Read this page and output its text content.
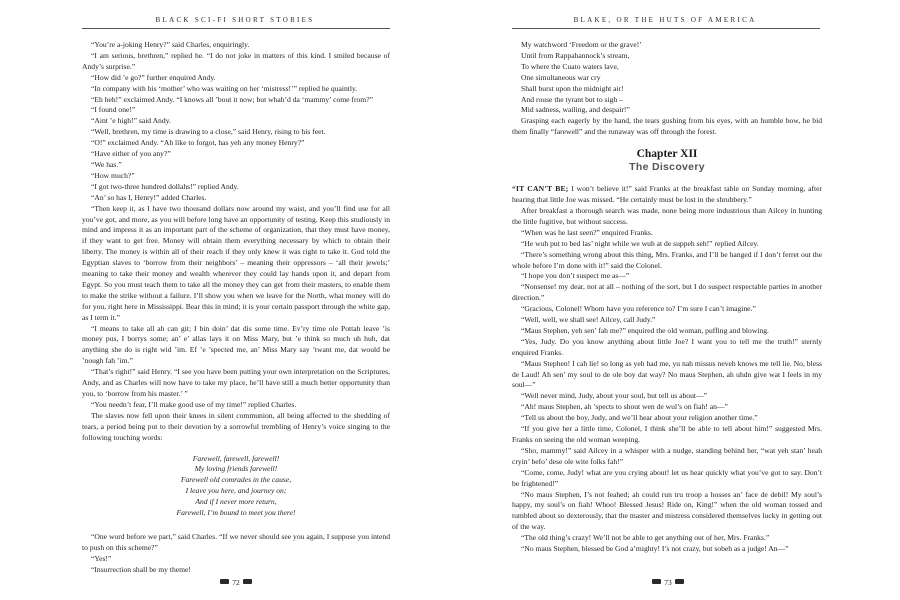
BLACK SCI-FI SHORT STORIES

“You’re a-joking Henry?” said Charles, enquiringly.

“I am serious, brethren,” replied he. “I do not joke in matters of this kind. I smiled because of Andy’s surprise.”

“How did ’e go?” further enquired Andy.

“In company with his ‘mother’ who was waiting on her ‘mistress!’” replied he quaintly.

“Eh heh!” exclaimed Andy. “I knows all ’bout it now; but whah’d da ‘mammy’ come from?”

“I found one!”

“Aint ’e high!” said Andy.

“Well, brethren, my time is drawing to a close,” said Henry, rising to his feet.

“O!” exclaimed Andy. “Ah like to forgot, has yeh any money Henry?”

“Have either of you any?”

“We has.”

“How much?”

“I got two-three hundred dollahs!” replied Andy.

“An’ so has I, Henry!” added Charles.

“Then keep it, as I have two thousand dollars now around my waist, and you’ll find use for all you’ve got, and more, as you will before long have an opportunity of testing. Keep this studiously in mind and impress it as an important part of the scheme of organization, that they must have money, if they want to get free. Money will obtain them everything necessary by which to obtain their liberty. The money is within all of their reach if they only knew it was right to take it. God told the Egyptian slaves to ‘borrow from their neighbors’ – meaning their oppressors – ‘all their jewels;’ meaning to take their money and wealth wherever they could lay hands upon it, and depart from Egypt. So you must teach them to take all the money they can get from their masters, to enable them to make the strike without a failure. I’ll show you when we leave for the North, what money will do for you, right here in Mississippi. Bear this in mind; it is your certain passport through the white gap, as I term it.”

“I means to take all ah can git; I bin doin’ dat dis some time. Ev’ry time ole Pottah leave ’is money pus, I borrys some; an’ e’ allas lays it on Miss Mary, but ’e think so much uh huh, dat anything she do is right wid ’im. Ef ’e ’spected me, an’ Miss Mary say ’twant me, dat would be ’nough fah ’im.”

“That’s right!” said Henry. “I see you have been putting your own interpretation on the Scriptures, Andy, and as Charles will now have to take my place, he’ll have still a much better opportunity than you, to ‘borrow from his master.’ ”

“You needn’t fear, I’ll make good use of my time!” replied Charles.

The slaves now fell upon their knees in silent communion, all being affected to the shedding of tears, a period being put to their devotion by a sorrowful trembling of Henry’s voice singing to the following touching words:

Farewell, farewell, farewell!
My loving friends farewell!
Farewell old comrades in the cause,
I leave you here, and journey on;
And if I never more return,
Farewell, I’m bound to meet you there!

“One word before we part,” said Charles. “If we never should see you again, I suppose you intend to push on this scheme?”

“Yes!”

“Insurrection shall be my theme!

72
BLAKE, OR THE HUTS OF AMERICA
My watchword ‘Freedom or the grave!’
Until from Rappahannock’s stream,
To where the Cuato waters lave,
One simultaneous war cry
Shall burst upon the midnight air!
And rouse the tyrant but to sigh –
Mid sadness, wailing, and despair!”

Grasping each eagerly by the hand, the tears gushing from his eyes, with an humble bow, he bid them finally “farewell” and the runaway was off through the forest.

Chapter XII
The Discovery

“IT CAN’T BE; I won’t believe it!” said Franks at the breakfast table on Sunday morning, after hearing that little Joe was missed. “He certainly must be lost in the shrubbery.”

After breakfast a thorough search was made, none being more industrious than Ailcey in hunting the little fugitive, but without success.

“When was he last seen?” enquired Franks.

“He wuh put to bed las’ night while we wuh at de suppeh seh!” replied Ailcey.

“There’s something wrong about this thing, Mrs. Franks, and I’ll be hanged if I don’t ferret out the whole before I’m done with it!” said the Colonel.

“I hope you don’t suspect me as—”

“Nonsense! my dear, not at all – nothing of the sort, but I do suspect respectable parties in another direction.”

“Gracious, Colonel! Whom have you reference to? I’m sure I can’t imagine.”

“Well, well, we shall see! Ailcey, call Judy.”

“Maus Stephen, yeh sen’ fah me?” enquired the old woman, puffing and blowing.

“Yes, Judy. Do you know anything about little Joe? I want you to tell me the truth!” sternly enquired Franks.

“Maus Stephen! I cah lie! so long as yeh had me, yu nah missus neveh knows me tell lie. No, bless de Laud! Ah sen’ my soul to de ole boy dat way? No maus Stephen, ah uhdn give wat I feels in my soul—”

“Well never mind, Judy, about your soul, but tell us about—”

“Ah! maus Stephen, ah ’spects to shout wen de wul’s on fiah! an—”

“Tell us about the boy, Judy, and we’ll hear about your religion another time.”

“If you give her a little time, Colonel, I think she’ll be able to tell about him!” suggested Mrs. Franks on seeing the old woman weeping.

“Sho, mammy!” said Ailcey in a whisper with a nudge, standing behind her, “wat yeh stan’ heah cryin’ befo’ dese ole wite folks fah!”

“Come, come, Judy! what are you crying about! let us hear quickly what you’ve got to say. Don’t be frightened!”

“No maus Stephen, I’s not feahed; ah could run tru troop a hosses an’ face de debil! My soul’s happy, my soul’s on fiah! Whoo! Blessed Jesus! Ride on, King!” when the old woman tossed and tumbled about so dexterously, that the master and mistress considered themselves lucky in getting out of the way.

“The old thing’s crazy! We’ll not be able to get anything out of her, Mrs. Franks.”

“No maus Stephen, blessed be God a’mighty! I’s not crazy, but sobeh as a judge! An—”

73
